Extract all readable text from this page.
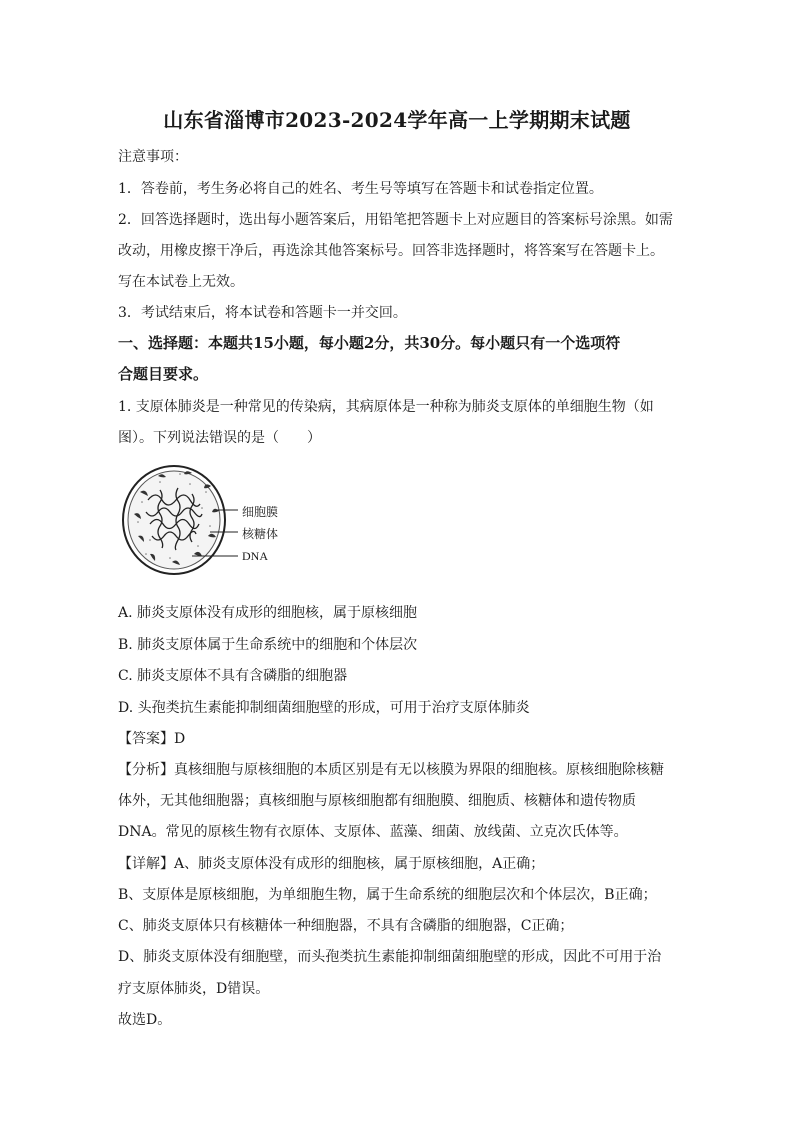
山东省淄博市2023-2024学年高一上学期期末试题
注意事项：
1．答卷前，考生务必将自己的姓名、考生号等填写在答题卡和试卷指定位置。
2．回答选择题时，选出每小题答案后，用铅笔把答题卡上对应题目的答案标号涂黑。如需
改动，用橡皮擦干净后，再选涂其他答案标号。回答非选择题时，将答案写在答题卡上。
写在本试卷上无效。
3．考试结束后，将本试卷和答题卡一并交回。
一、选择题：本题共15小题，每小题2分，共30分。每小题只有一个选项符
合题目要求。
1. 支原体肺炎是一种常见的传染病，其病原体是一种称为肺炎支原体的单细胞生物（如
图）。下列说法错误的是（　　）
细胞膜
核糖体
DNA
A. 肺炎支原体没有成形的细胞核，属于原核细胞
B. 肺炎支原体属于生命系统中的细胞和个体层次
C. 肺炎支原体不具有含磷脂的细胞器
D. 头孢类抗生素能抑制细菌细胞壁的形成，可用于治疗支原体肺炎
【答案】D
【分析】真核细胞与原核细胞的本质区别是有无以核膜为界限的细胞核。原核细胞除核糖
体外，无其他细胞器；真核细胞与原核细胞都有细胞膜、细胞质、核糖体和遗传物质
DNA。常见的原核生物有衣原体、支原体、蓝藻、细菌、放线菌、立克次氏体等。
【详解】A、肺炎支原体没有成形的细胞核，属于原核细胞，A正确；
B、支原体是原核细胞，为单细胞生物，属于生命系统的细胞层次和个体层次，B正确；
C、肺炎支原体只有核糖体一种细胞器，不具有含磷脂的细胞器，C正确；
D、肺炎支原体没有细胞壁，而头孢类抗生素能抑制细菌细胞壁的形成，因此不可用于治
疗支原体肺炎，D错误。
故选D。
